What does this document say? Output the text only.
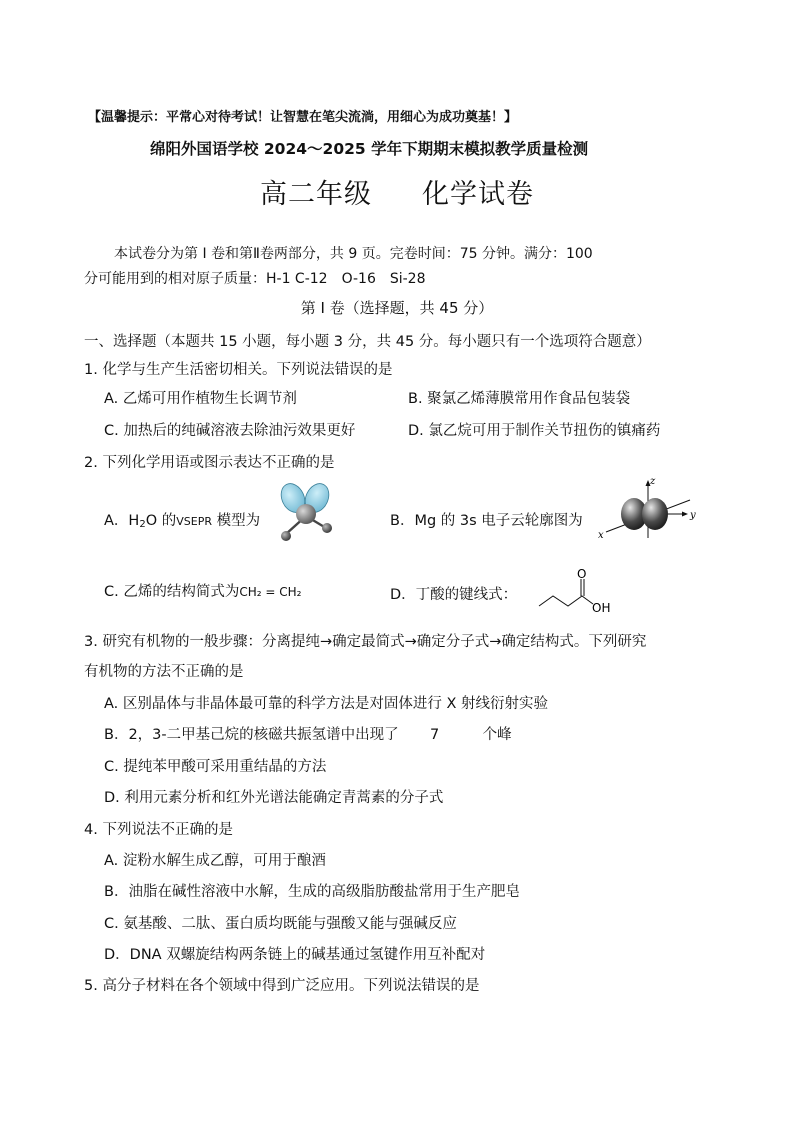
【温馨提示：平常心对待考试！让智慧在笔尖流淌，用细心为成功奠基！】
绵阳外国语学校 2024～2025 学年下期期末模拟教学质量检测
高二年级 化学试卷
本试卷分为第 I 卷和第Ⅱ卷两部分，共 9 页。完卷时间：75 分钟。满分：100
分可能用到的相对原子质量：H-1 C-12　O-16　Si-28
第 I 卷（选择题，共 45 分）
一、选择题（本题共 15 小题，每小题 3 分，共 45 分。每小题只有一个选项符合题意）
1. 化学与生产生活密切相关。下列说法错误的是
A. 乙烯可用作植物生长调节剂	B. 聚氯乙烯薄膜常用作食品包装袋
C. 加热后的纯碱溶液去除油污效果更好	D. 氯乙烷可用于制作关节扭伤的镇痛药
2. 下列化学用语或图示表达不正确的是
A．$H_2O$ 的VSEPR 模型为	B．Mg 的 3s 电子云轮廓图为
z
y
x
C. 乙烯的结构简式为CH₂ = CH₂	D．丁酸的键线式：
O
OH
3. 研究有机物的一般步骤：分离提纯→确定最简式→确定分子式→确定结构式。下列研究
有机物的方法不正确的是
A. 区别晶体与非晶体最可靠的科学方法是对固体进行 X 射线衍射实验
B．2，3-二甲基己烷的核磁共振氢谱中出现了 7	个峰
C. 提纯苯甲酸可采用重结晶的方法
D. 利用元素分析和红外光谱法能确定青蒿素的分子式
4. 下列说法不正确的是
A. 淀粉水解生成乙醇，可用于酿酒
B．油脂在碱性溶液中水解，生成的高级脂肪酸盐常用于生产肥皂
C. 氨基酸、二肽、蛋白质均既能与强酸又能与强碱反应
D．DNA 双螺旋结构两条链上的碱基通过氢键作用互补配对
5. 高分子材料在各个领域中得到广泛应用。下列说法错误的是
